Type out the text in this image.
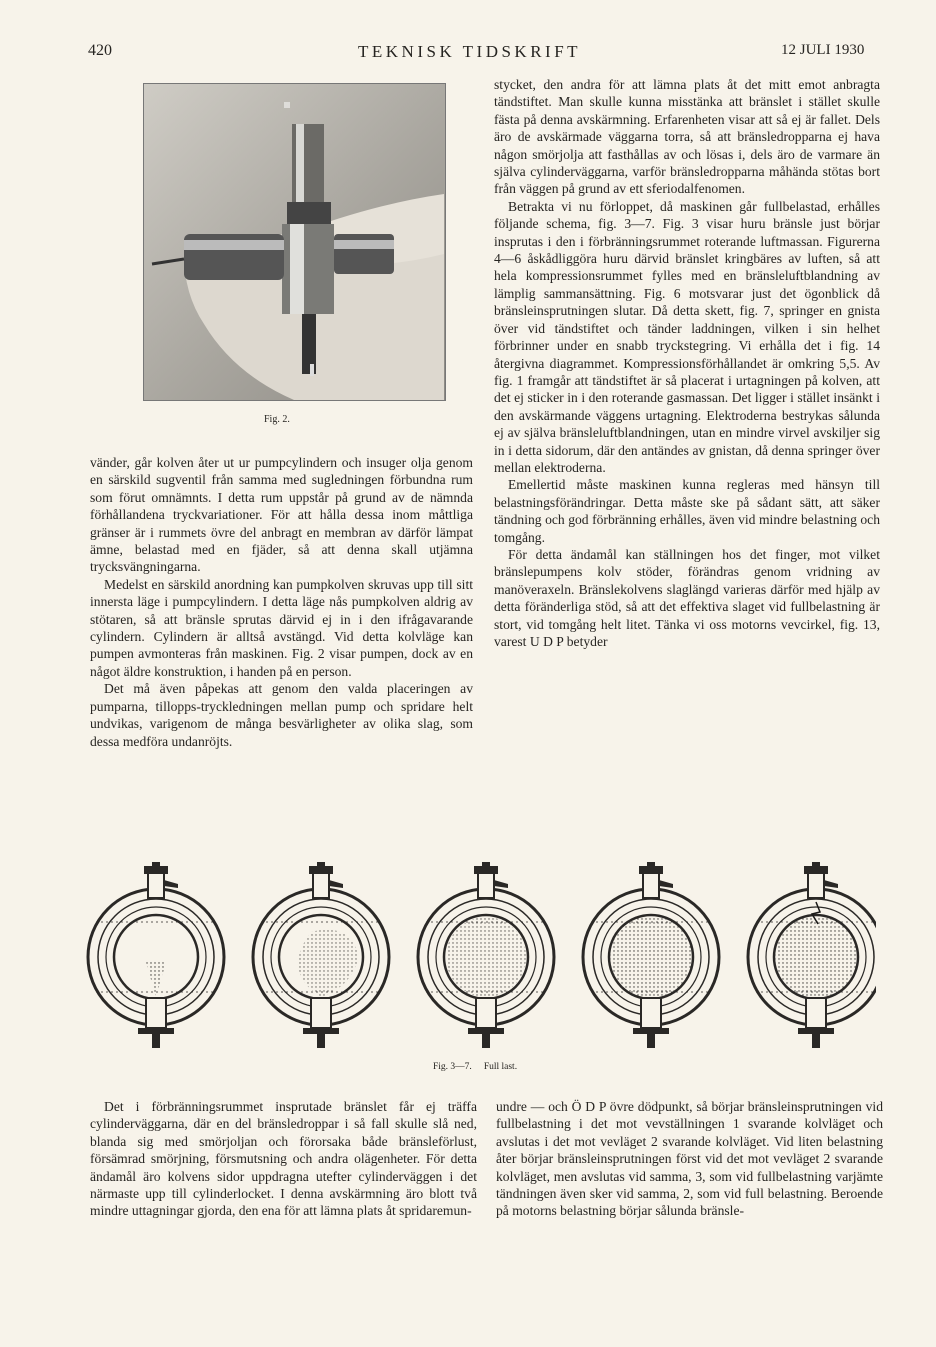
420	TEKNISK TIDSKRIFT	12 JULI 1930
Fig. 2.

vänder, går kolven åter ut ur pumpcylindern och insuger olja genom en särskild sugventil från samma med sugledningen förbundna rum som förut omnämnts. I detta rum uppstår på grund av de nämnda förhållandena tryckvariationer. För att hålla dessa inom måttliga gränser är i rummets övre del anbragt en membran av därför lämpat ämne, belastad med en fjäder, så att denna skall utjämna trycksvängningarna.

Medelst en särskild anordning kan pumpkolven skruvas upp till sitt innersta läge i pumpcylindern. I detta läge nås pumpkolven aldrig av stötaren, så att bränsle sprutas därvid ej in i den ifrågavarande cylindern. Cylindern är alltså avstängd. Vid detta kolvläge kan pumpen avmonteras från maskinen. Fig. 2 visar pumpen, dock av en något äldre konstruktion, i handen på en person.

Det må även påpekas att genom den valda placeringen av pumparna, tillopps-tryckledningen mellan pump och spridare helt undvikas, varigenom de många besvärligheter av olika slag, som dessa medföra undanröjts.

stycket, den andra för att lämna plats åt det mitt emot anbragta tändstiftet. Man skulle kunna misstänka att bränslet i stället skulle fästa på denna avskärmning. Erfarenheten visar att så ej är fallet. Dels äro de avskärmade väggarna torra, så att bränsledropparna ej hava någon smörjolja att fasthållas av och lösas i, dels äro de varmare än själva cylinderväggarna, varför bränsledropparna måhända stötas bort från väggen på grund av ett sferiodalfenomen.

Betrakta vi nu förloppet, då maskinen går fullbelastad, erhålles följande schema, fig. 3—7. Fig. 3 visar huru bränsle just börjar insprutas i den i förbränningsrummet roterande luftmassan. Figurerna 4—6 åskådliggöra huru därvid bränslet kringbäres av luften, så att hela kompressionsrummet fylles med en bränsleluftblandning av lämplig sammansättning. Fig. 6 motsvarar just det ögonblick då bränsleinsprutningen slutar. Då detta skett, fig. 7, springer en gnista över vid tändstiftet och tänder laddningen, vilken i sin helhet förbrinner under en snabb tryckstegring. Vi erhålla det i fig. 14 återgivna diagrammet. Kompressionsförhållandet är omkring 5,5. Av fig. 1 framgår att tändstiftet är så placerat i urtagningen på kolven, att det ej sticker in i den roterande gasmassan. Det ligger i stället insänkt i den avskärmande väggens urtagning. Elektroderna bestrykas sålunda ej av själva bränsleluftblandningen, utan en mindre virvel avskiljer sig in i detta sidorum, där den antändes av gnistan, då denna springer över mellan elektroderna.

Emellertid måste maskinen kunna regleras med hänsyn till belastningsförändringar. Detta måste ske på sådant sätt, att säker tändning och god förbränning erhålles, även vid mindre belastning och tomgång.

För detta ändamål kan ställningen hos det finger, mot vilket bränslepumpens kolv stöder, förändras genom vridning av manöveraxeln. Bränslekolvens slaglängd varieras därför med hjälp av detta föränderliga stöd, så att det effektiva slaget vid fullbelastning är stort, vid tomgång helt litet. Tänka vi oss motorns vevcirkel, fig. 13, varest U D P betyder

Fig. 3—7. Full last.

Det i förbränningsrummet insprutade bränslet får ej träffa cylinderväggarna, där en del bränsledroppar i så fall skulle slå ned, blanda sig med smörjoljan och förorsaka både bränsleförlust, försämrad smörjning, försmutsning och andra olägenheter. För detta ändamål äro kolvens sidor uppdragna utefter cylinderväggen i det närmaste upp till cylinderlocket. I denna avskärmning äro blott två mindre uttagningar gjorda, den ena för att lämna plats åt spridaremun-

undre — och Ö D P övre dödpunkt, så börjar bränsleinsprutningen vid fullbelastning i det mot vevställningen 1 svarande kolvläget och avslutas i det mot vevläget 2 svarande kolvläget. Vid liten belastning åter börjar bränsleinsprutningen först vid det mot vevläget 2 svarande kolvläget, men avslutas vid samma, 3, som vid fullbelastning varjämte tändningen även sker vid samma, 2, som vid full belastning. Beroende på motorns belastning börjar sålunda bränsle-
